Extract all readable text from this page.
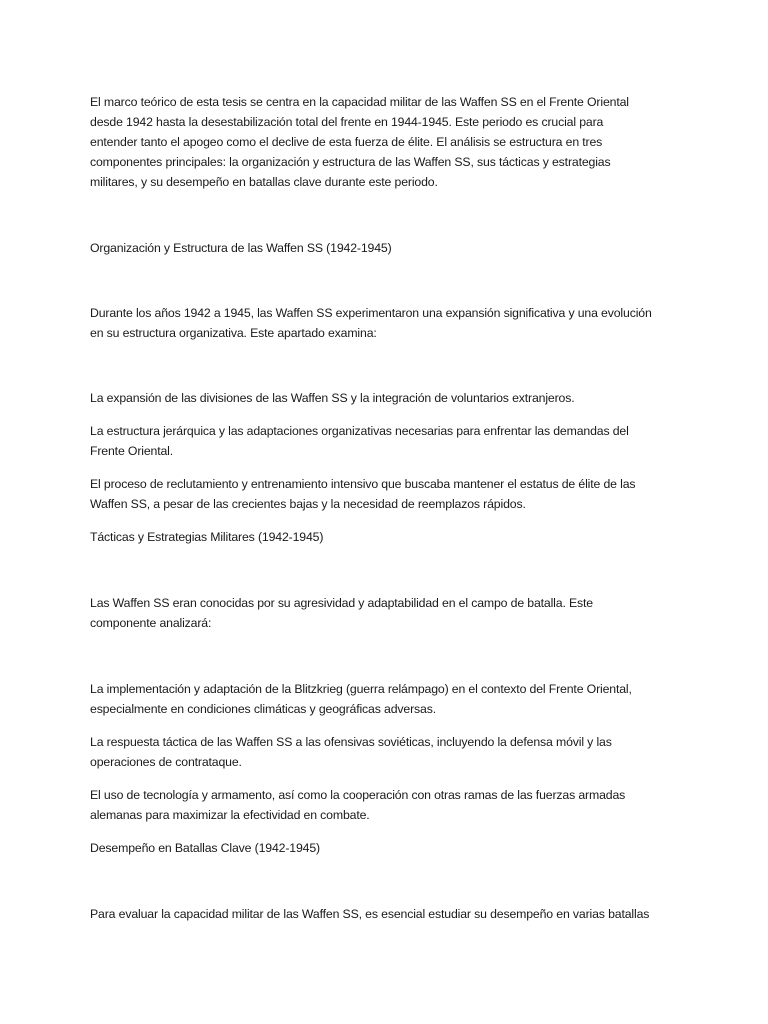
El marco teórico de esta tesis se centra en la capacidad militar de las Waffen SS en el Frente Oriental
desde 1942 hasta la desestabilización total del frente en 1944-1945. Este periodo es crucial para
entender tanto el apogeo como el declive de esta fuerza de élite. El análisis se estructura en tres
componentes principales: la organización y estructura de las Waffen SS, sus tácticas y estrategias
militares, y su desempeño en batallas clave durante este periodo.

Organización y Estructura de las Waffen SS (1942-1945)

Durante los años 1942 a 1945, las Waffen SS experimentaron una expansión significativa y una evolución
en su estructura organizativa. Este apartado examina:

La expansión de las divisiones de las Waffen SS y la integración de voluntarios extranjeros.

La estructura jerárquica y las adaptaciones organizativas necesarias para enfrentar las demandas del
Frente Oriental.

El proceso de reclutamiento y entrenamiento intensivo que buscaba mantener el estatus de élite de las
Waffen SS, a pesar de las crecientes bajas y la necesidad de reemplazos rápidos.

Tácticas y Estrategias Militares (1942-1945)

Las Waffen SS eran conocidas por su agresividad y adaptabilidad en el campo de batalla. Este
componente analizará:

La implementación y adaptación de la Blitzkrieg (guerra relámpago) en el contexto del Frente Oriental,
especialmente en condiciones climáticas y geográficas adversas.

La respuesta táctica de las Waffen SS a las ofensivas soviéticas, incluyendo la defensa móvil y las
operaciones de contrataque.

El uso de tecnología y armamento, así como la cooperación con otras ramas de las fuerzas armadas
alemanas para maximizar la efectividad en combate.

Desempeño en Batallas Clave (1942-1945)

Para evaluar la capacidad militar de las Waffen SS, es esencial estudiar su desempeño en varias batallas
